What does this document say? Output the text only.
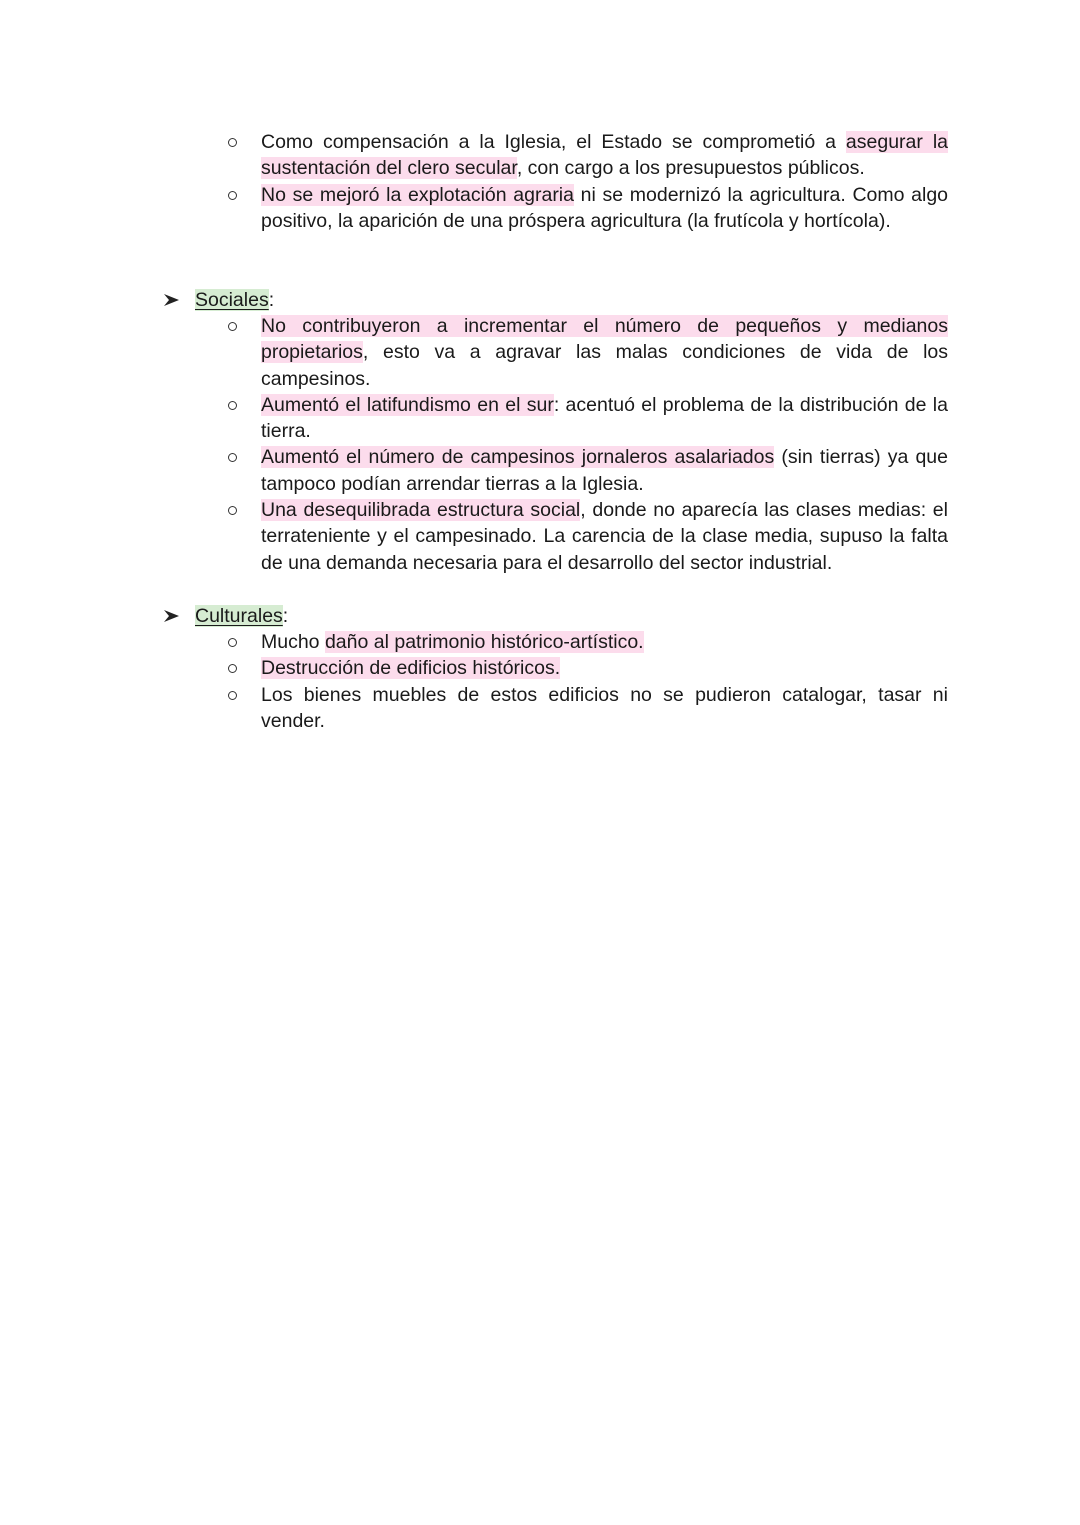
Como compensación a la Iglesia, el Estado se comprometió a asegurar la sustentación del clero secular, con cargo a los presupuestos públicos.
No se mejoró la explotación agraria ni se modernizó la agricultura. Como algo positivo, la aparición de una próspera agricultura (la frutícola y hortícola).
Sociales:
No contribuyeron a incrementar el número de pequeños y medianos propietarios, esto va a agravar las malas condiciones de vida de los campesinos.
Aumentó el latifundismo en el sur: acentuó el problema de la distribución de la tierra.
Aumentó el número de campesinos jornaleros asalariados (sin tierras) ya que tampoco podían arrendar tierras a la Iglesia.
Una desequilibrada estructura social, donde no aparecía las clases medias: el terrateniente y el campesinado. La carencia de la clase media, supuso la falta de una demanda necesaria para el desarrollo del sector industrial.
Culturales:
Mucho daño al patrimonio histórico-artístico.
Destrucción de edificios históricos.
Los bienes muebles de estos edificios no se pudieron catalogar, tasar ni vender.
